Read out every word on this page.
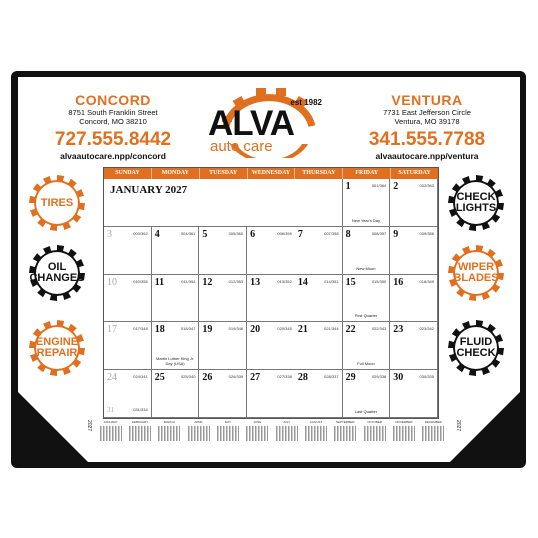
CONCORD
8751 South Franklin Street
Concord, MO 38210
727.555.8442
alvaautocare.npp/concord
VENTURA
7731 East Jefferson Circle
Ventura, MO 39178
341.555.7788
alvaautocare.npp/ventura
est 1982
ALVA
auto care
TIRES
OIL CHANGES
ENGINE REPAIR
CHECK LIGHTS
WIPER BLADES
FLUID CHECK
SUNDAY	MONDAY	TUESDAY	WEDNESDAY	THURSDAY	FRIDAY	SATURDAY
JANUARY 2027	1	001/364
New Year's Day
2	002/363
3	003/362 4	004/361 5	005/360 6	006/359 7	007/358 8	008/357
New Moon
9	009/356
10	010/355 11	011/354 12	012/353 13	013/352 14	014/351 15	015/350
First Quarter
16	016/349
17	017/348 18	018/347
Martin Luther King Jr. Day (USA)
19	019/346 20	020/345 21	021/344 22	022/343
Full Moon
23	023/342
24	024/341
31	031/334
25	025/340 26	026/339 27	027/338 28	028/337 29	029/336
Last Quarter
30	030/335
2027	2027
JANUARY	FEBRUARY	MARCH	APRIL	MAY	JUNE	JULY	AUGUST	SEPTEMBER	OCTOBER	NOVEMBER	DECEMBER
